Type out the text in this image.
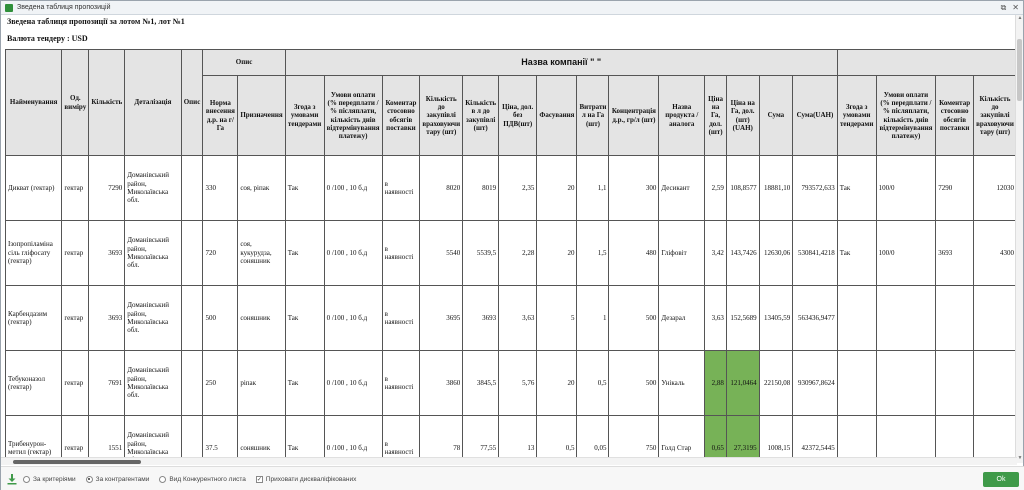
Зведена таблиця пропозицій	⧉ ✕
Зведена таблиця пропозиції за лотом №1, лот №1
Валюта тендеру : USD
Найменування	Од. виміру	Кількість	Деталізація	Опис	Опис		Назва компанії " "																	
					Норма внесення д.р. на г/Га	Призначення	Згода з умовами тендерами	Умови оплати (% передплати / % післяплати, кількість днів відтермінування платежу)	Коментар стосовно обсягів поставки	Кількість до закупівлі враховуючи тару (шт)	Кількість в л до закупівлі (шт)	Ціна, дол. без ПДВ(шт)	Фасування	Витрати л на Га (шт)	Концентрація д.р., гр/л (шт)	Назва продукта / аналога	Ціна на Га, дол. (шт)	Ціна на Га, дол. (шт) (UAH)	Сума	Сума(UAH)	Згода з умовами тендерами	Умови оплати (% передплати / % післяплати, кількість днів відтермінування платежу)	Коментар стосовно обсягів поставки	Кількість до закупівлі враховуючи тару (шт)
Дикват (гектар)	гектар	7290	Доманівський район, Миколаївська обл.		330	соя, ріпак	Так	0 /100 , 10 б.д	в наявності	8020	8019	2,35	20	1,1	300	Десикант	2,59	108,8577	18881,10	793572,633	Так	100/0	7290	12030
Ізопропіламіна сіль гліфосату (гектар)	гектар	3693	Доманівський район, Миколаївська обл.		720	соя, кукурудза, соняшник	Так	0 /100 , 10 б.д	в наявності	5540	5539,5	2,28	20	1,5	480	Гліфовіт	3,42	143,7426	12630,06	530841,4218	Так	100/0	3693	4300
Карбендазим (гектар)	гектар	3693	Доманівський район, Миколаївська обл.		500	соняшник	Так	0 /100 , 10 б.д	в наявності	3695	3693	3,63	5	1	500	Дезарал	3,63	152,5689	13405,59	563436,9477				
Тебуконазол (гектар)	гектар	7691	Доманівський район, Миколаївська обл.		250	ріпак	Так	0 /100 , 10 б.д	в наявності	3860	3845,5	5,76	20	0,5	500	Унікаль	2,88	121,0464	22150,08	930967,8624				
Трибенурон-метил (гектар)	гектар	1551	Доманівський район, Миколаївська		37.5	соняшник	Так	0 /100 , 10 б.д	в наявності	78	77,55	13	0,5	0,05	750	Голд Стар	0,65	27,3195	1008,15	42372,5445				
▲
▼
За критеріями	За контрагентами	Вид Конкурентного листа ✓ Приховати дискваліфікованих	Ok
